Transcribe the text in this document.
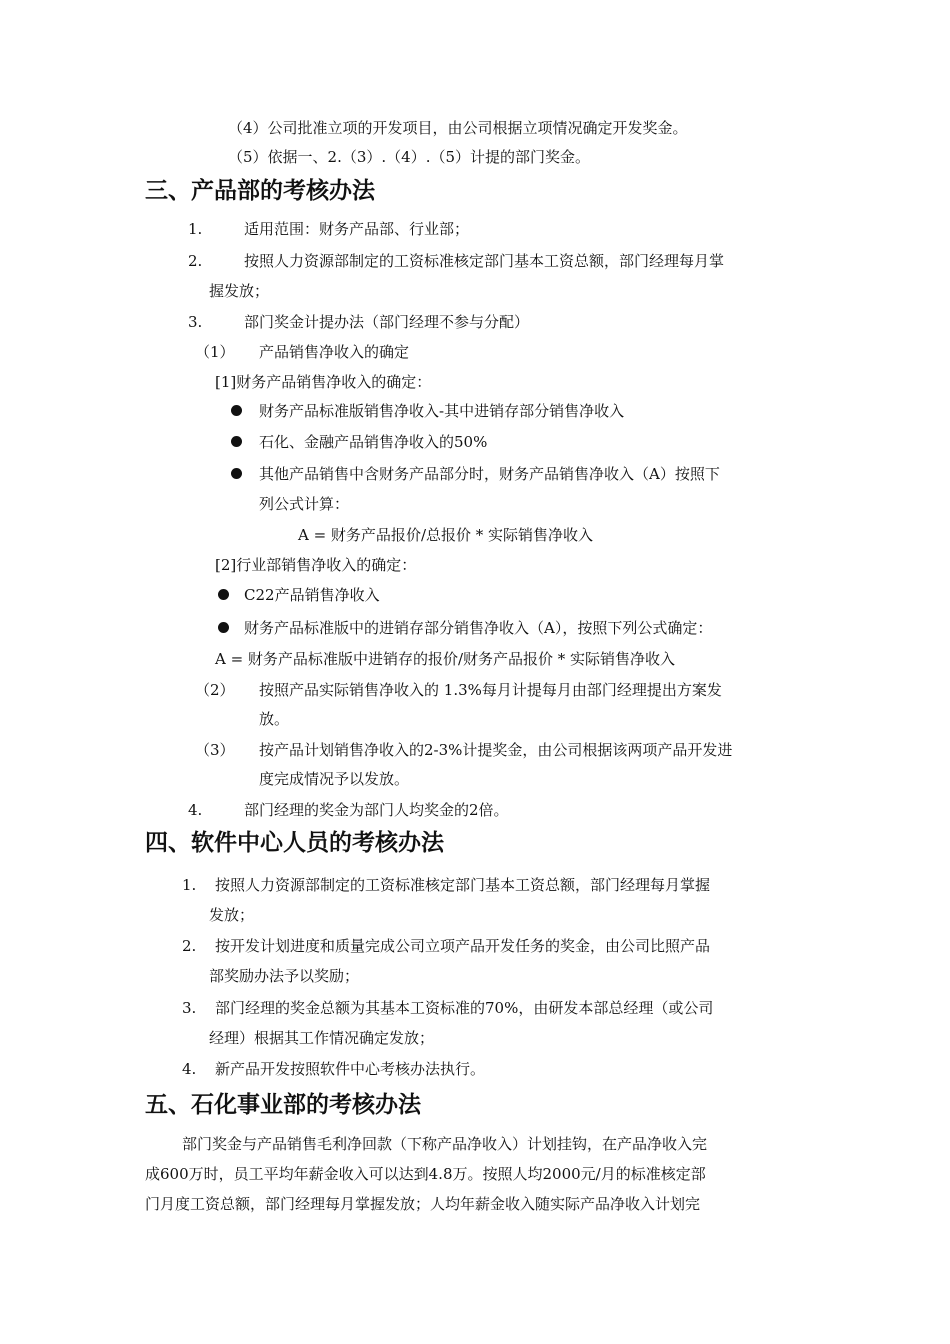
（4）公司批准立项的开发项目，由公司根据立项情况确定开发奖金。
（5）依据一、2.（3）.（4）.（5）计提的部门奖金。
三、产品部的考核办法
1.	适用范围：财务产品部、行业部；
2.	按照人力资源部制定的工资标准核定部门基本工资总额，部门经理每月掌
握发放；
3.	部门奖金计提办法（部门经理不参与分配）
（1） 产品销售净收入的确定
[1]财务产品销售净收入的确定：
财务产品标准版销售净收入-其中进销存部分销售净收入
石化、金融产品销售净收入的50%
其他产品销售中含财务产品部分时，财务产品销售净收入（A）按照下
列公式计算：
A = 财务产品报价/总报价 * 实际销售净收入
[2]行业部销售净收入的确定：
C22产品销售净收入
财务产品标准版中的进销存部分销售净收入（A），按照下列公式确定：
A = 财务产品标准版中进销存的报价/财务产品报价 * 实际销售净收入
（2） 按照产品实际销售净收入的 1.3%每月计提每月由部门经理提出方案发
放。
（3） 按产品计划销售净收入的2-3%计提奖金，由公司根据该两项产品开发进
度完成情况予以发放。
4.	部门经理的奖金为部门人均奖金的2倍。
四、软件中心人员的考核办法
1. 按照人力资源部制定的工资标准核定部门基本工资总额，部门经理每月掌握
发放；
2. 按开发计划进度和质量完成公司立项产品开发任务的奖金，由公司比照产品
部奖励办法予以奖励；
3. 部门经理的奖金总额为其基本工资标准的70%，由研发本部总经理（或公司
经理）根据其工作情况确定发放；
4. 新产品开发按照软件中心考核办法执行。
五、石化事业部的考核办法
部门奖金与产品销售毛利净回款（下称产品净收入）计划挂钩，在产品净收入完
成600万时，员工平均年薪金收入可以达到4.8万。按照人均2000元/月的标准核定部
门月度工资总额，部门经理每月掌握发放；人均年薪金收入随实际产品净收入计划完
